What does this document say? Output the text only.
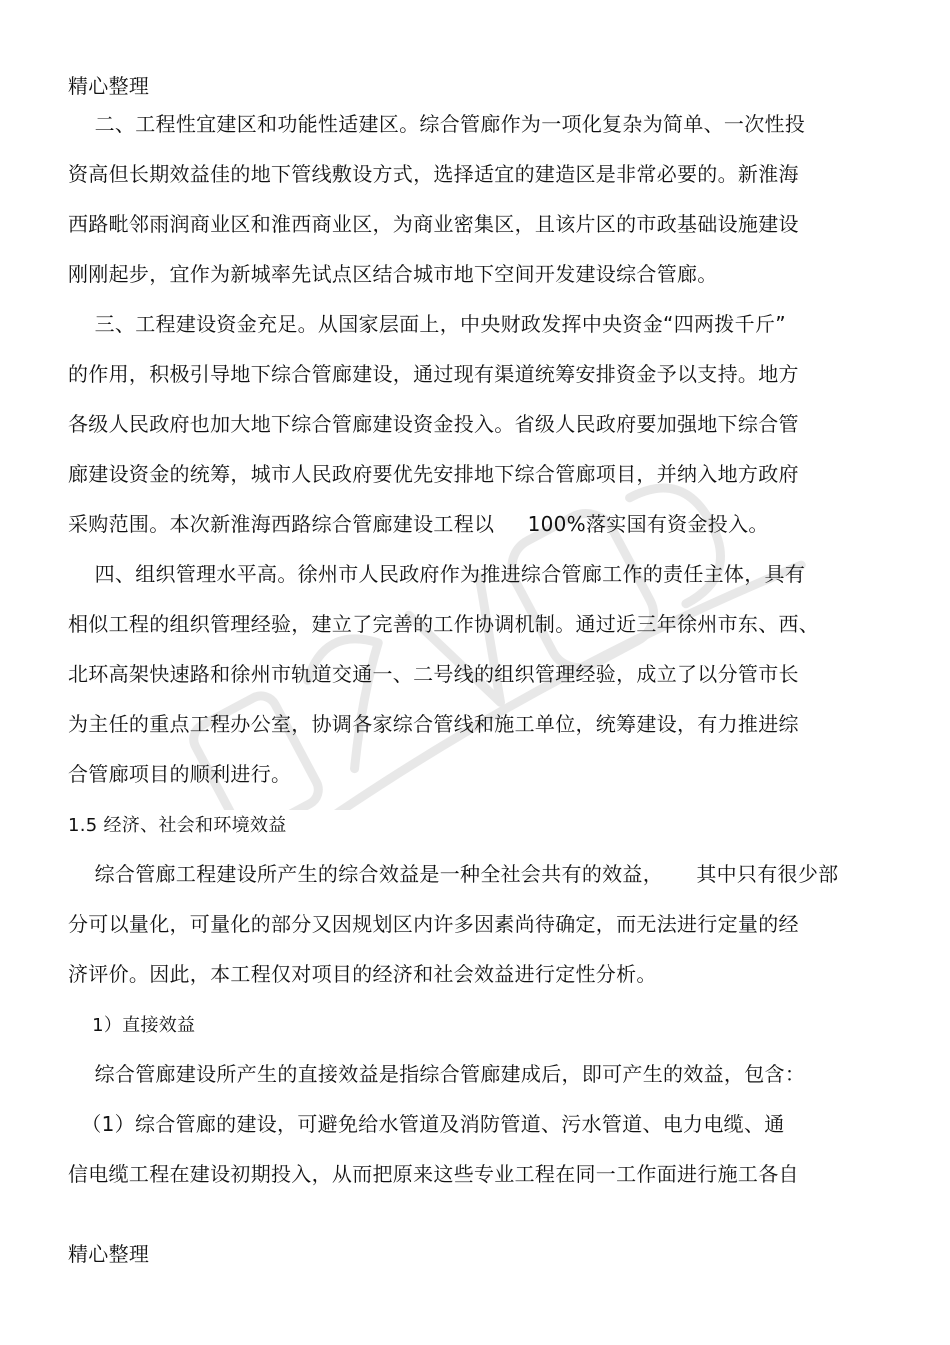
精心整理
二、工程性宜建区和功能性适建区。综合管廊作为一项化复杂为简单、一次性投
资高但长期效益佳的地下管线敷设方式，选择适宜的建造区是非常必要的。新淮海
西路毗邻雨润商业区和淮西商业区，为商业密集区，且该片区的市政基础设施建设
刚刚起步，宜作为新城率先试点区结合城市地下空间开发建设综合管廊。
三、工程建设资金充足。从国家层面上，中央财政发挥中央资金“四两拨千斤”
的作用，积极引导地下综合管廊建设，通过现有渠道统筹安排资金予以支持。地方
各级人民政府也加大地下综合管廊建设资金投入。省级人民政府要加强地下综合管
廊建设资金的统筹，城市人民政府要优先安排地下综合管廊项目，并纳入地方政府
采购范围。本次新淮海西路综合管廊建设工程以     100%落实国有资金投入。
四、组织管理水平高。徐州市人民政府作为推进综合管廊工作的责任主体，具有
相似工程的组织管理经验，建立了完善的工作协调机制。通过近三年徐州市东、西、
北环高架快速路和徐州市轨道交通一、二号线的组织管理经验，成立了以分管市长
为主任的重点工程办公室，协调各家综合管线和施工单位，统筹建设，有力推进综
合管廊项目的顺利进行。
1.5 经济、社会和环境效益
综合管廊工程建设所产生的综合效益是一种全社会共有的效益，     其中只有很少部
分可以量化，可量化的部分又因规划区内许多因素尚待确定，而无法进行定量的经
济评价。因此，本工程仅对项目的经济和社会效益进行定性分析。
1）直接效益
综合管廊建设所产生的直接效益是指综合管廊建成后，即可产生的效益，包含：
（1）综合管廊的建设，可避免给水管道及消防管道、污水管道、电力电缆、通
信电缆工程在建设初期投入，从而把原来这些专业工程在同一工作面进行施工各自
精心整理
